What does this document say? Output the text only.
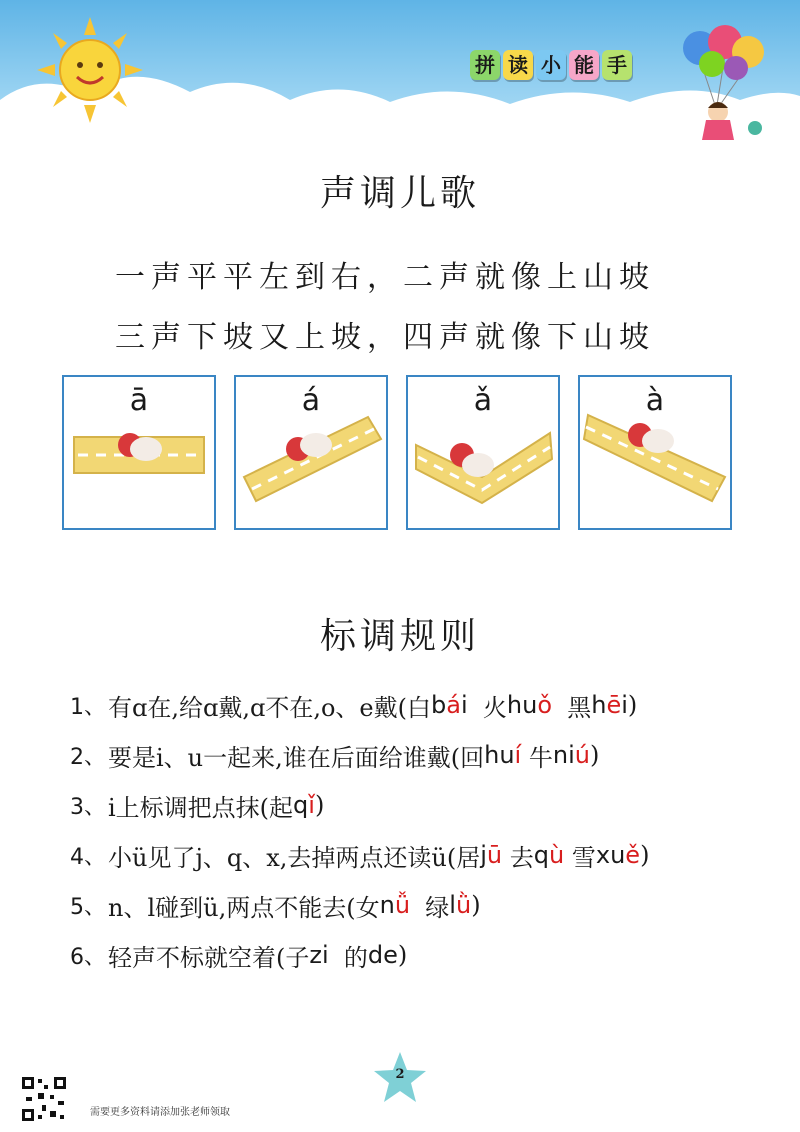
拼 读 小 能 手
声调儿歌
一声平平左到右，二声就像上山坡
三声下坡又上坡，四声就像下山坡
ā	á	ǎ	à
标调规则
1、 有ɑ在,给ɑ戴,ɑ不在,o、e戴(白 b á i 火 hu ǒ 黑 h ē i )
2、 要是i、u一起来,谁在后面给谁戴(回 hu í 牛 ni ú )
3、 i上标调把点抹(起 q ǐ )
4、 小ü见了j、q、x,去掉两点还读ü(居 j ū 去 q ù 雪 xu ě )
5、 n、l碰到ü,两点不能去(女 n ǚ 绿 l ǜ )
6、 轻声不标就空着(子 zi 的 de )
2
需要更多资料请添加张老师领取
